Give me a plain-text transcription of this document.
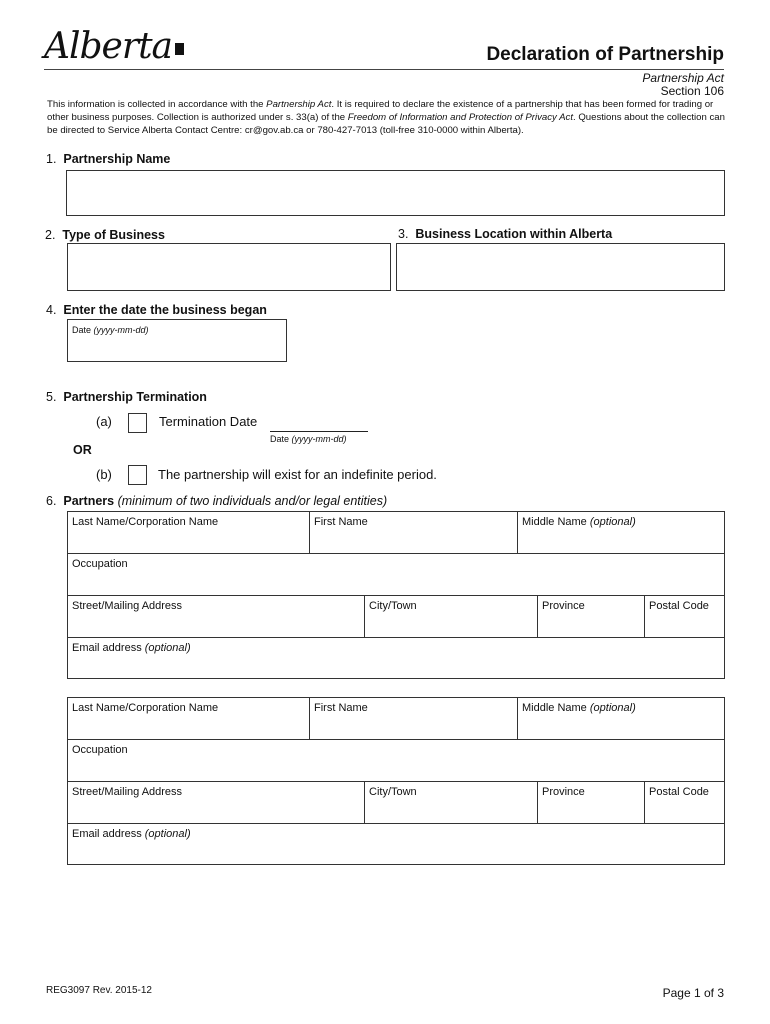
Alberta	Declaration of Partnership
Partnership Act
Section 106
This information is collected in accordance with the Partnership Act. It is required to declare the existence of a partnership that has been formed for trading or other business purposes. Collection is authorized under s. 33(a) of the Freedom of Information and Protection of Privacy Act. Questions about the collection can be directed to Service Alberta Contact Centre: cr@gov.ab.ca or 780-427-7013 (toll-free 310-0000 within Alberta).
1. Partnership Name
2. Type of Business	3. Business Location within Alberta
4. Enter the date the business began
Date (yyyy-mm-dd)
5. Partnership Termination
(a)	Termination Date
Date (yyyy-mm-dd)
OR
(b)	The partnership will exist for an indefinite period.
6. Partners (minimum of two individuals and/or legal entities)
Last Name/Corporation Name	First Name	Middle Name (optional)
Occupation
Street/Mailing Address	City/Town	Province	Postal Code
Email address (optional)
Last Name/Corporation Name	First Name	Middle Name (optional)
Occupation
Street/Mailing Address	City/Town	Province	Postal Code
Email address (optional)
REG3097 Rev. 2015-12	Page 1 of 3
